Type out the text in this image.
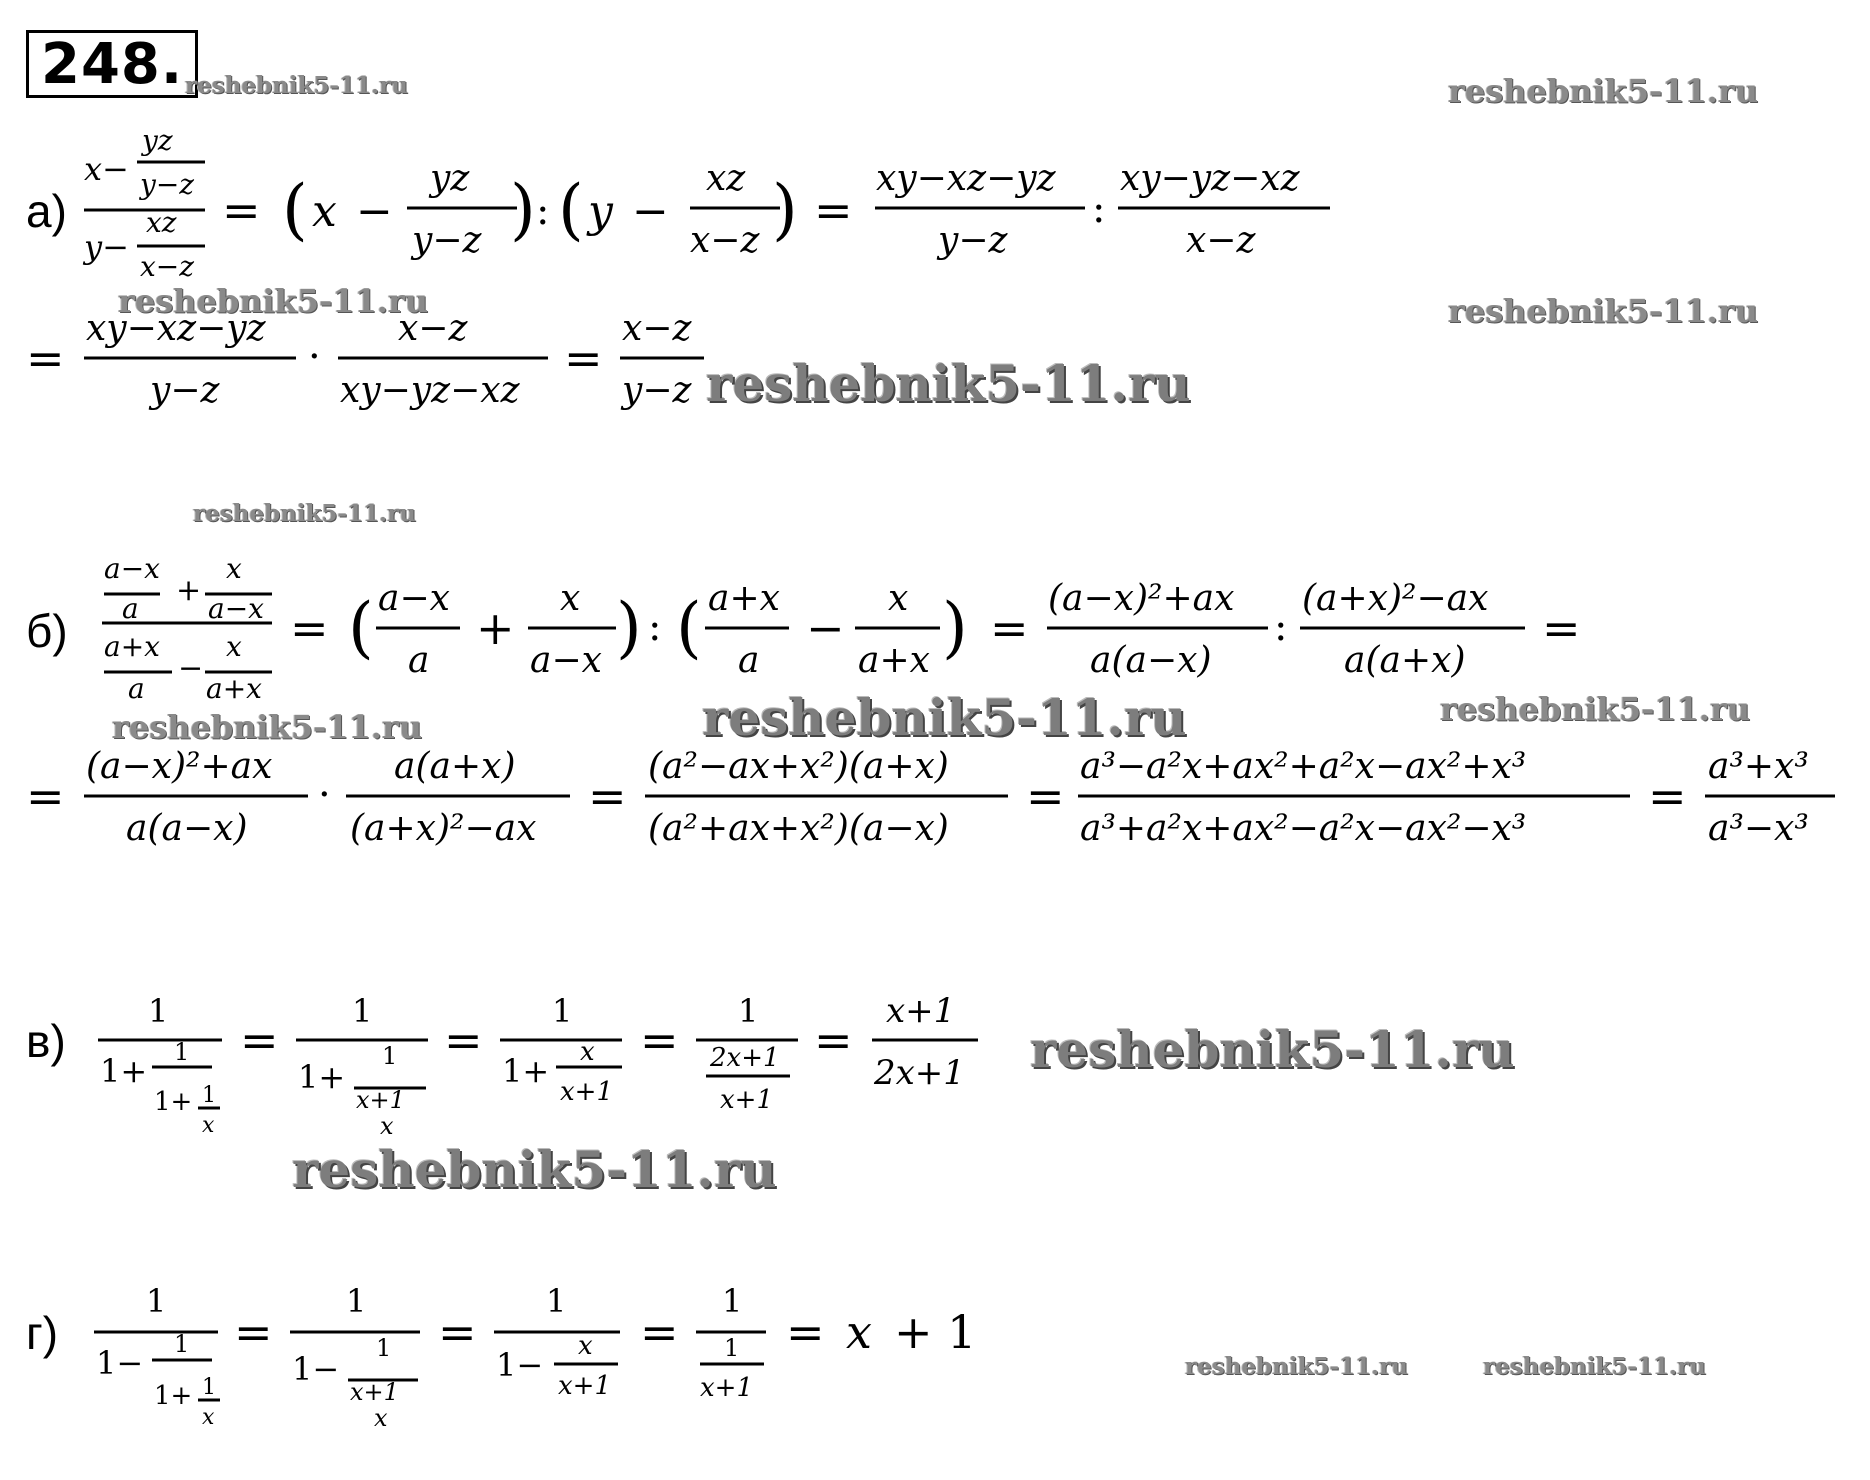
248. reshebnik5-11.ru	reshebnik5-11.ru
reshebnik5-11.ru	reshebnik5-11.ru
reshebnik5-11.ru
reshebnik5-11.ru
reshebnik5-11.ru	reshebnik5-11.ru
reshebnik5-11.ru
reshebnik5-11.ru
reshebnik5-11.ru
reshebnik5-11.ru	reshebnik5-11.ru
а)
б)
в)
г)
x−
yz
y−z
y−
xz
x−z
= ( x −
yz
y−z ) : ( y −
xz
x−z ) =
xy−xz−yz
y−z
:
xy−yz−xz
x−z
=
xy−xz−yz
y−z
·
x−z
xy−yz−xz
=
x−z
y−z
a−x
+
x
a a−x
a+x
−
x
a a+x
= ( a−x
a
+
x
a−x ) : ( a+x
a
−
x
a+x ) =
(a−x)²+ax
a(a−x)
:
(a+x)²−ax
a(a+x)
=
=
(a−x)²+ax
a(a−x)
·
a(a+x)
(a+x)²−ax
=
(a²−ax+x²)(a+x)
(a²+ax+x²)(a−x)
=
a³−a²x+ax²+a²x−ax²+x³
a³+a²x+ax²−a²x−ax²−x³
=
a³+x³
a³−x³
1
1+ 1
1+ 1
x
=
1
1+
1
x+1
x
=
1
1+ x
x+1
=
1
2x+1
x+1
=
x+1
2x+1
1
1− 1
1+ 1
x
=
1
1−
1
x+1
x
=
1
1− x
x+1
=
1
1
x+1
= x + 1
